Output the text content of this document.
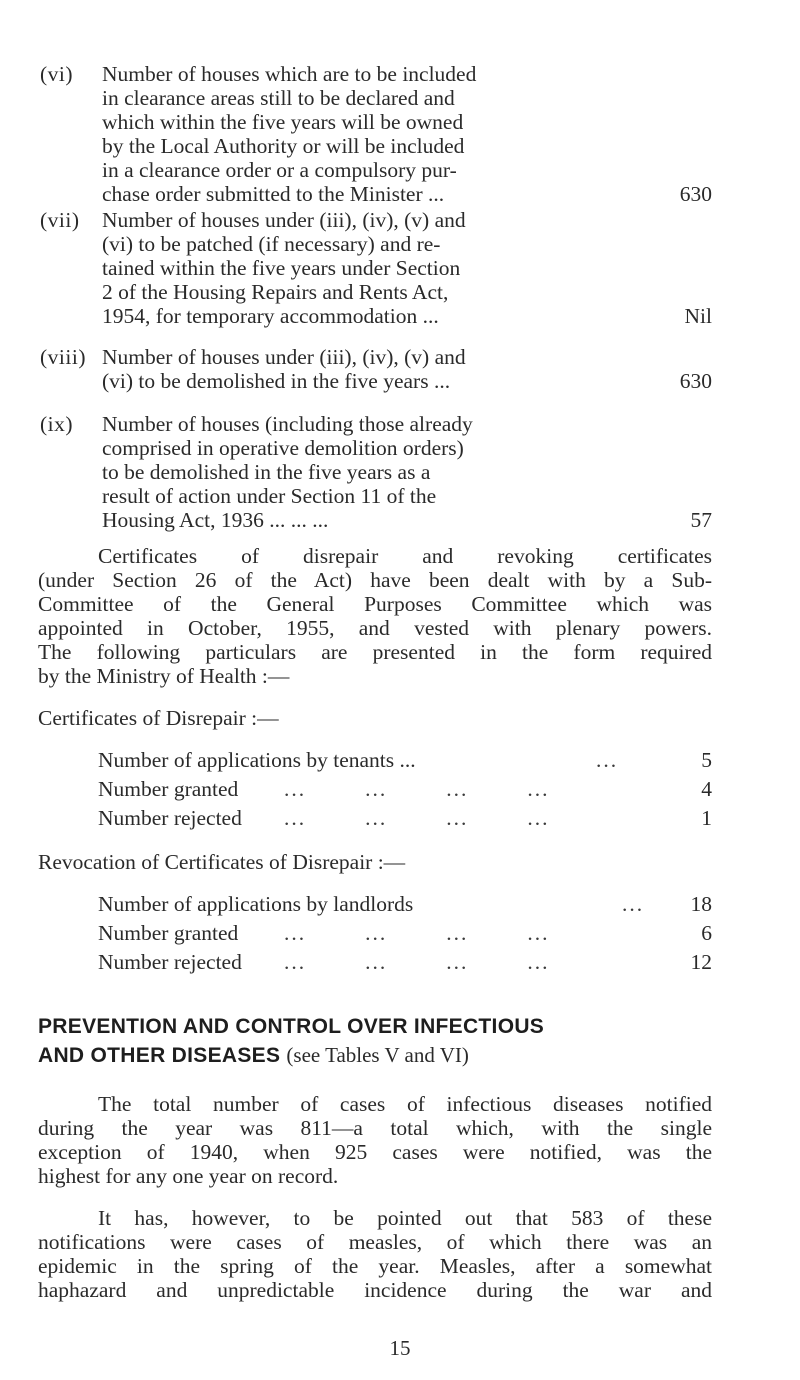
(vi)	Number of houses which are to be included
in clearance areas still to be declared and
which within the five years will be owned
by the Local Authority or will be included
in a clearance order or a compulsory pur-
chase order submitted to the Minister ...	630
(vii)	Number of houses under (iii), (iv), (v) and
(vi) to be patched (if necessary) and re-
tained within the five years under Section
2 of the Housing Repairs and Rents Act,
1954, for temporary accommodation ...	Nil
(viii) Number of houses under (iii), (iv), (v) and
(vi) to be demolished in the five years ...	630
(ix)	Number of houses (including those already
comprised in operative demolition orders)
to be demolished in the five years as a
result of action under Section 11 of the
Housing Act, 1936 ... ... ...	57
Certificates of disrepair and revoking certificates
(under Section 26 of the Act) have been dealt with by a Sub-
Committee of the General Purposes Committee which was
appointed in October, 1955, and vested with plenary powers.
The following particulars are presented in the form required
by the Ministry of Health :—
Certificates of Disrepair :—
Number of applications by tenants ...	...	5
Number granted ...        ...        ...        ...	4
Number rejected ...        ...        ...        ...	1
Revocation of Certificates of Disrepair :—
Number of applications by landlords	... 18
Number granted ...        ...        ...        ...	6
Number rejected ...        ...        ...        ...	12
PREVENTION AND CONTROL OVER INFECTIOUS
AND OTHER DISEASES (see Tables V and VI)
The total number of cases of infectious diseases notified
during the year was 811—a total which, with the single
exception of 1940, when 925 cases were notified, was the
highest for any one year on record.
It has, however, to be pointed out that 583 of these
notifications were cases of measles, of which there was an
epidemic in the spring of the year. Measles, after a somewhat
haphazard and unpredictable incidence during the war and
15
